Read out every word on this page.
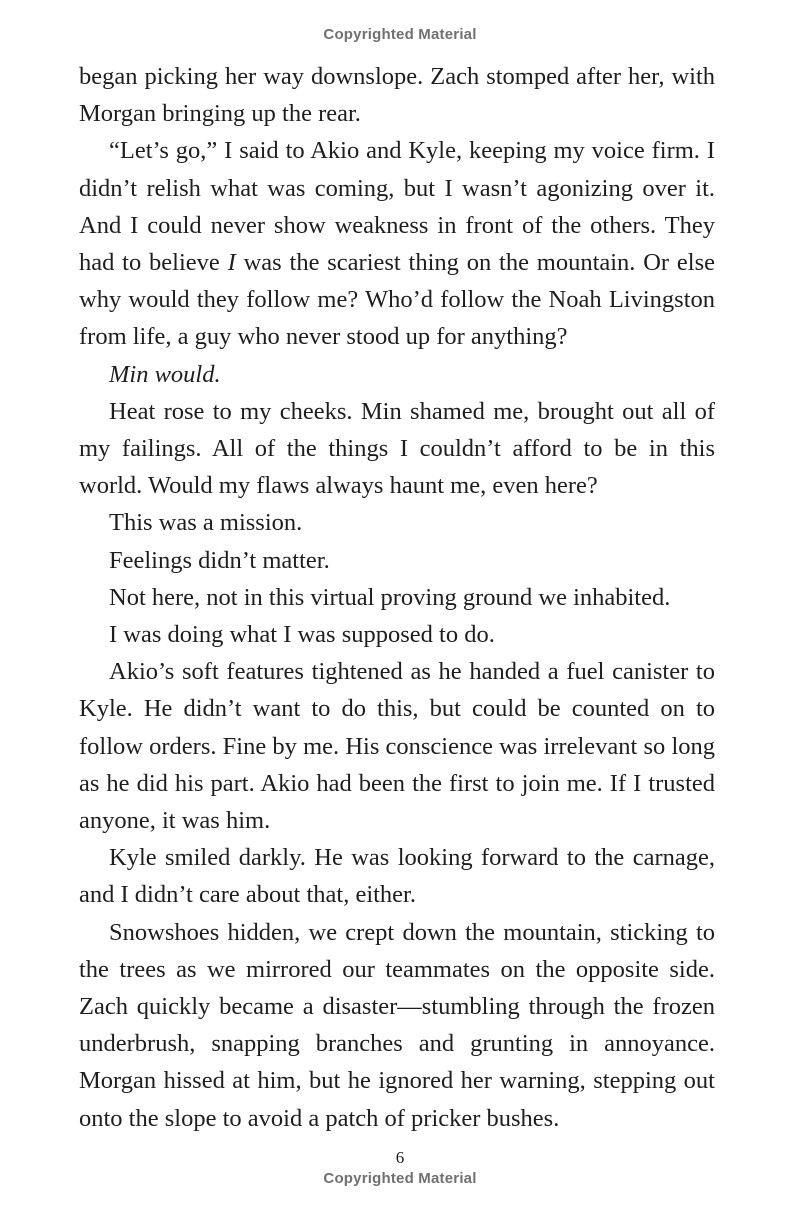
Copyrighted Material

began picking her way downslope. Zach stomped after her, with Morgan bringing up the rear.

“Let’s go,” I said to Akio and Kyle, keeping my voice firm. I didn’t relish what was coming, but I wasn’t agonizing over it. And I could never show weakness in front of the others. They had to believe I was the scariest thing on the mountain. Or else why would they follow me? Who’d follow the Noah Livingston from life, a guy who never stood up for anything?

Min would.

Heat rose to my cheeks. Min shamed me, brought out all of my failings. All of the things I couldn’t afford to be in this world. Would my flaws always haunt me, even here?

This was a mission.

Feelings didn’t matter.

Not here, not in this virtual proving ground we inhabited.

I was doing what I was supposed to do.

Akio’s soft features tightened as he handed a fuel canister to Kyle. He didn’t want to do this, but could be counted on to follow orders. Fine by me. His conscience was irrelevant so long as he did his part. Akio had been the first to join me. If I trusted anyone, it was him.

Kyle smiled darkly. He was looking forward to the carnage, and I didn’t care about that, either.

Snowshoes hidden, we crept down the mountain, sticking to the trees as we mirrored our teammates on the opposite side. Zach quickly became a disaster—stumbling through the frozen underbrush, snapping branches and grunting in annoyance. Morgan hissed at him, but he ignored her warning, stepping out onto the slope to avoid a patch of pricker bushes.

6
Copyrighted Material
